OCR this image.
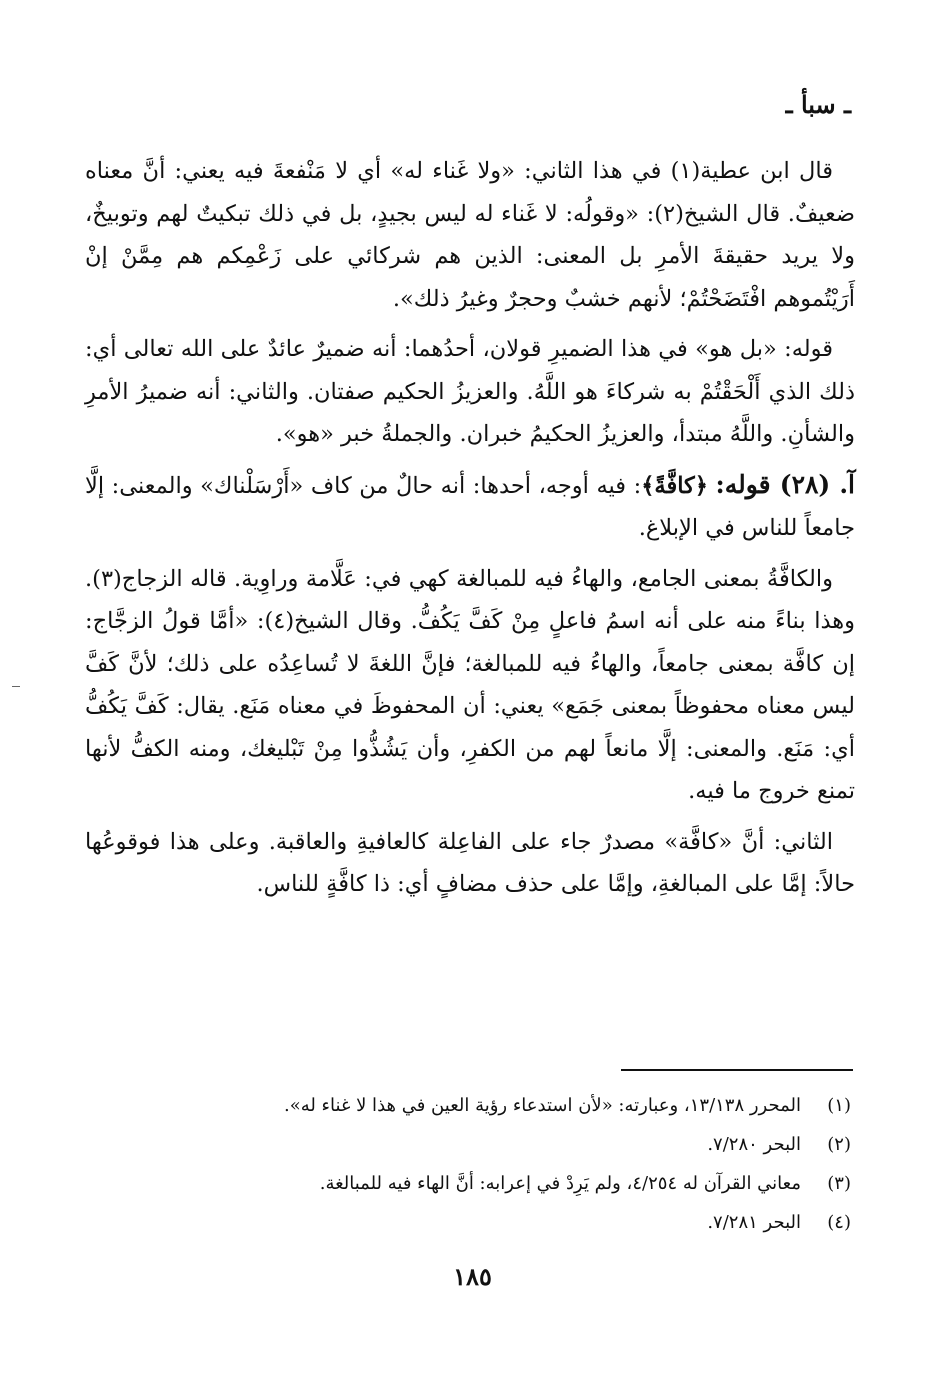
ـ سبأ ـ

قال ابن عطية(١) في هذا الثاني: «ولا غَناء له» أي لا مَنْفعةَ فيه يعني: أنَّ معناه ضعيفٌ. قال الشيخ(٢): «وقولُه: لا غَناء له ليس بجيدٍ، بل في ذلك تبكيتٌ لهم وتوبيخٌ، ولا يريد حقيقةَ الأمرِ بل المعنى: الذين هم شركائي على زَعْمِكم هم مِمَّنْ إنْ أَرَيْتُموهم افْتَضَحْتُمْ؛ لأنهم خشبٌ وحجرٌ وغيرُ ذلك».

قوله: «بل هو» في هذا الضميرِ قولان، أحدُهما: أنه ضميرٌ عائدٌ على الله تعالى أي: ذلك الذي أَلْحَقْتُمْ به شركاءَ هو اللَّهُ. والعزيزُ الحكيم صفتان. والثاني: أنه ضميرُ الأمرِ والشأنِ. واللَّهُ مبتدأ، والعزيزُ الحكيمُ خبران. والجملةُ خبر «هو».

آ. (٢٨) قوله: ﴿كافَّةً﴾: فيه أوجه، أحدها: أنه حالٌ من كاف «أَرْسَلْناك» والمعنى: إلَّا جامعاً للناس في الإبلاغ.

والكافَّةُ بمعنى الجامع، والهاءُ فيه للمبالغة كهي في: عَلَّامة وراوِية. قاله الزجاج(٣). وهذا بناءً منه على أنه اسمُ فاعلٍ مِنْ كَفَّ يَكُفُّ. وقال الشيخ(٤): «أمَّا قولُ الزجَّاج: إن كافَّة بمعنى جامعاً، والهاءُ فيه للمبالغة؛ فإنَّ اللغةَ لا تُساعِدُه على ذلك؛ لأنَّ كَفَّ ليس معناه محفوظاً بمعنى جَمَع» يعني: أن المحفوظَ في معناه مَنَع. يقال: كَفَّ يَكُفُّ أي: مَنَع. والمعنى: إلَّا مانعاً لهم من الكفرِ، وأن يَشُذُّوا مِنْ تَبْليغك، ومنه الكفُّ لأنها تمنع خروج ما فيه.

الثاني: أنَّ «كافَّة» مصدرٌ جاء على الفاعِلة كالعافيةِ والعاقبة. وعلى هذا فوقوعُها حالاً: إمَّا على المبالغةِ، وإمَّا على حذف مضافٍ أي: ذا كافَّةٍ للناس.

(١)
المحرر ١٣/١٣٨، وعبارته: «لأن استدعاء رؤية العين في هذا لا غناء له».
(٢)
البحر ٧/٢٨٠.
(٣)
معاني القرآن له ٤/٢٥٤، ولم يَرِدْ في إعرابه: أنَّ الهاء فيه للمبالغة.
(٤)
البحر ٧/٢٨١.
١٨٥
